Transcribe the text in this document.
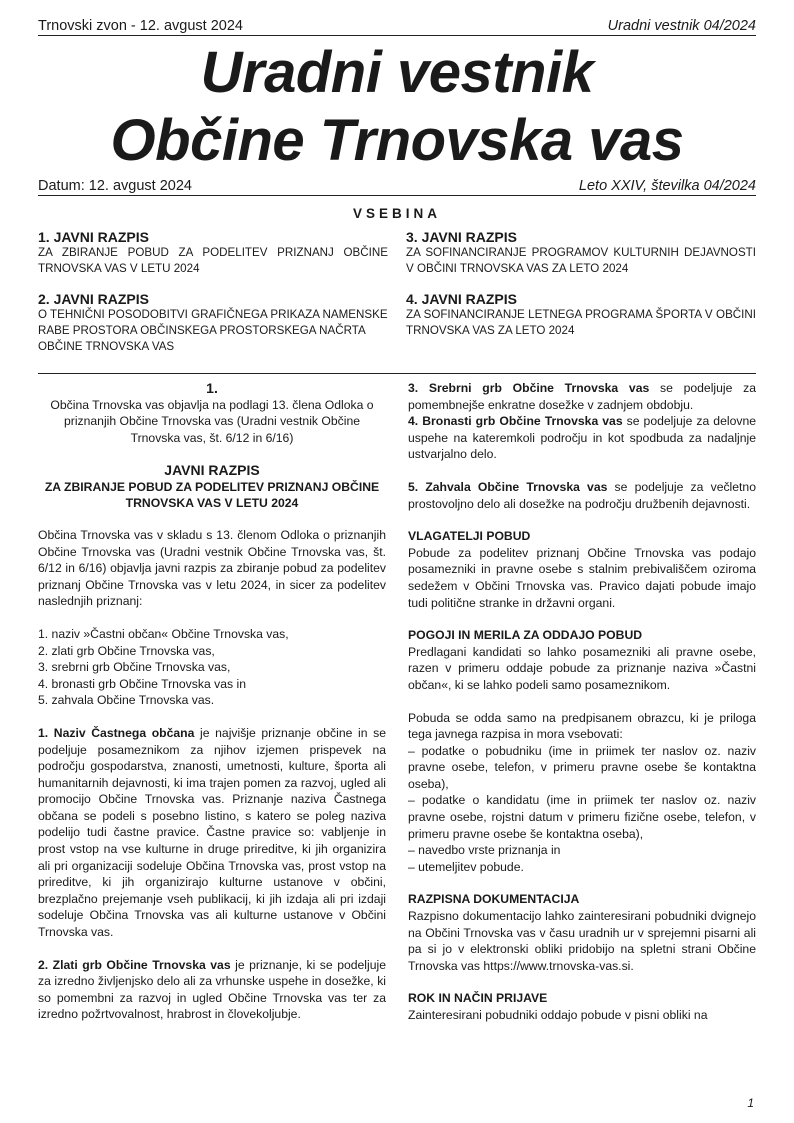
Trnovski zvon - 12. avgust 2024	Uradni vestnik 04/2024
Uradni vestnik
Občine Trnovska vas
Datum: 12. avgust 2024	Leto XXIV, številka 04/2024
VSEBINA
1. JAVNI RAZPIS
ZA ZBIRANJE POBUD ZA PODELITEV PRIZNANJ OBČINE TRNOVSKA VAS V LETU 2024
2. JAVNI RAZPIS
O TEHNIČNI POSODOBITVI GRAFIČNEGA PRIKAZA NAMENSKE RABE PROSTORA OBČINSKEGA PROSTORSKEGA NAČRTA OBČINE TRNOVSKA VAS
3. JAVNI RAZPIS
ZA SOFINANCIRANJE PROGRAMOV KULTURNIH DEJAVNOSTI V OBČINI TRNOVSKA VAS ZA LETO 2024
4. JAVNI RAZPIS
ZA SOFINANCIRANJE LETNEGA PROGRAMA ŠPORTA V OBČINI TRNOVSKA VAS ZA LETO 2024
1.

Občina Trnovska vas objavlja na podlagi 13. člena Odloka o priznanjih Občine Trnovska vas (Uradni vestnik Občine Trnovska vas, št. 6/12 in 6/16)

JAVNI RAZPIS
ZA ZBIRANJE POBUD ZA PODELITEV PRIZNANJ OBČINE TRNOVSKA VAS V LETU 2024

Občina Trnovska vas v skladu s 13. členom Odloka o priznanjih Občine Trnovska vas (Uradni vestnik Občine Trnovska vas, št. 6/12 in 6/16) objavlja javni razpis za zbiranje pobud za podelitev priznanj Občine Trnovska vas v letu 2024, in sicer za podelitev naslednjih priznanj:

1. naziv »Častni občan« Občine Trnovska vas,
2. zlati grb Občine Trnovska vas,
3. srebrni grb Občine Trnovska vas,
4. bronasti grb Občine Trnovska vas in
5. zahvala Občine Trnovska vas.

1. Naziv Častnega občana je najvišje priznanje občine in se podeljuje posameznikom za njihov izjemen prispevek na področju gospodarstva, znanosti, umetnosti, kulture, športa ali humanitarnih dejavnosti, ki ima trajen pomen za razvoj, ugled ali promocijo Občine Trnovska vas. Priznanje naziva Častnega občana se podeli s posebno listino, s katero se poleg naziva podelijo tudi častne pravice. Častne pravice so: vabljenje in prost vstop na vse kulturne in druge prireditve, ki jih organizira ali pri organizaciji sodeluje Občina Trnovska vas, prost vstop na prireditve, ki jih organizirajo kulturne ustanove v občini, brezplačno prejemanje vseh publikacij, ki jih izdaja ali pri izdaji sodeluje Občina Trnovska vas ali kulturne ustanove v Občini Trnovska vas.

2. Zlati grb Občine Trnovska vas je priznanje, ki se podeljuje za izredno življenjsko delo ali za vrhunske uspehe in dosežke, ki so pomembni za razvoj in ugled Občine Trnovska vas ter za izredno požrtvovalnost, hrabrost in človekoljubje.

3. Srebrni grb Občine Trnovska vas se podeljuje za pomembnejše enkratne dosežke v zadnjem obdobju.

4. Bronasti grb Občine Trnovska vas se podeljuje za delovne uspehe na kateremkoli področju in kot spodbuda za nadaljnje ustvarjalno delo.

5. Zahvala Občine Trnovska vas se podeljuje za večletno prostovoljno delo ali dosežke na področju družbenih dejavnosti.

VLAGATELJI POBUD

Pobude za podelitev priznanj Občine Trnovska vas podajo posamezniki in pravne osebe s stalnim prebivališčem oziroma sedežem v Občini Trnovska vas. Pravico dajati pobude imajo tudi politične stranke in državni organi.

POGOJI IN MERILA ZA ODDAJO POBUD

Predlagani kandidati so lahko posamezniki ali pravne osebe, razen v primeru oddaje pobude za priznanje naziva »Častni občan«, ki se lahko podeli samo posameznikom.

Pobuda se odda samo na predpisanem obrazcu, ki je priloga tega javnega razpisa in mora vsebovati:

– podatke o pobudniku (ime in priimek ter naslov oz. naziv pravne osebe, telefon, v primeru pravne osebe še kontaktna oseba),

– podatke o kandidatu (ime in priimek ter naslov oz. naziv pravne osebe, rojstni datum v primeru fizične osebe, telefon, v primeru pravne osebe še kontaktna oseba),

– navedbo vrste priznanja in

– utemeljitev pobude.

RAZPISNA DOKUMENTACIJA

Razpisno dokumentacijo lahko zainteresirani pobudniki dvignejo na Občini Trnovska vas v času uradnih ur v sprejemni pisarni ali pa si jo v elektronski obliki pridobijo na spletni strani Občine Trnovska vas https://www.trnovska-vas.si.

ROK IN NAČIN PRIJAVE

Zainteresirani pobudniki oddajo pobude v pisni obliki na

1
